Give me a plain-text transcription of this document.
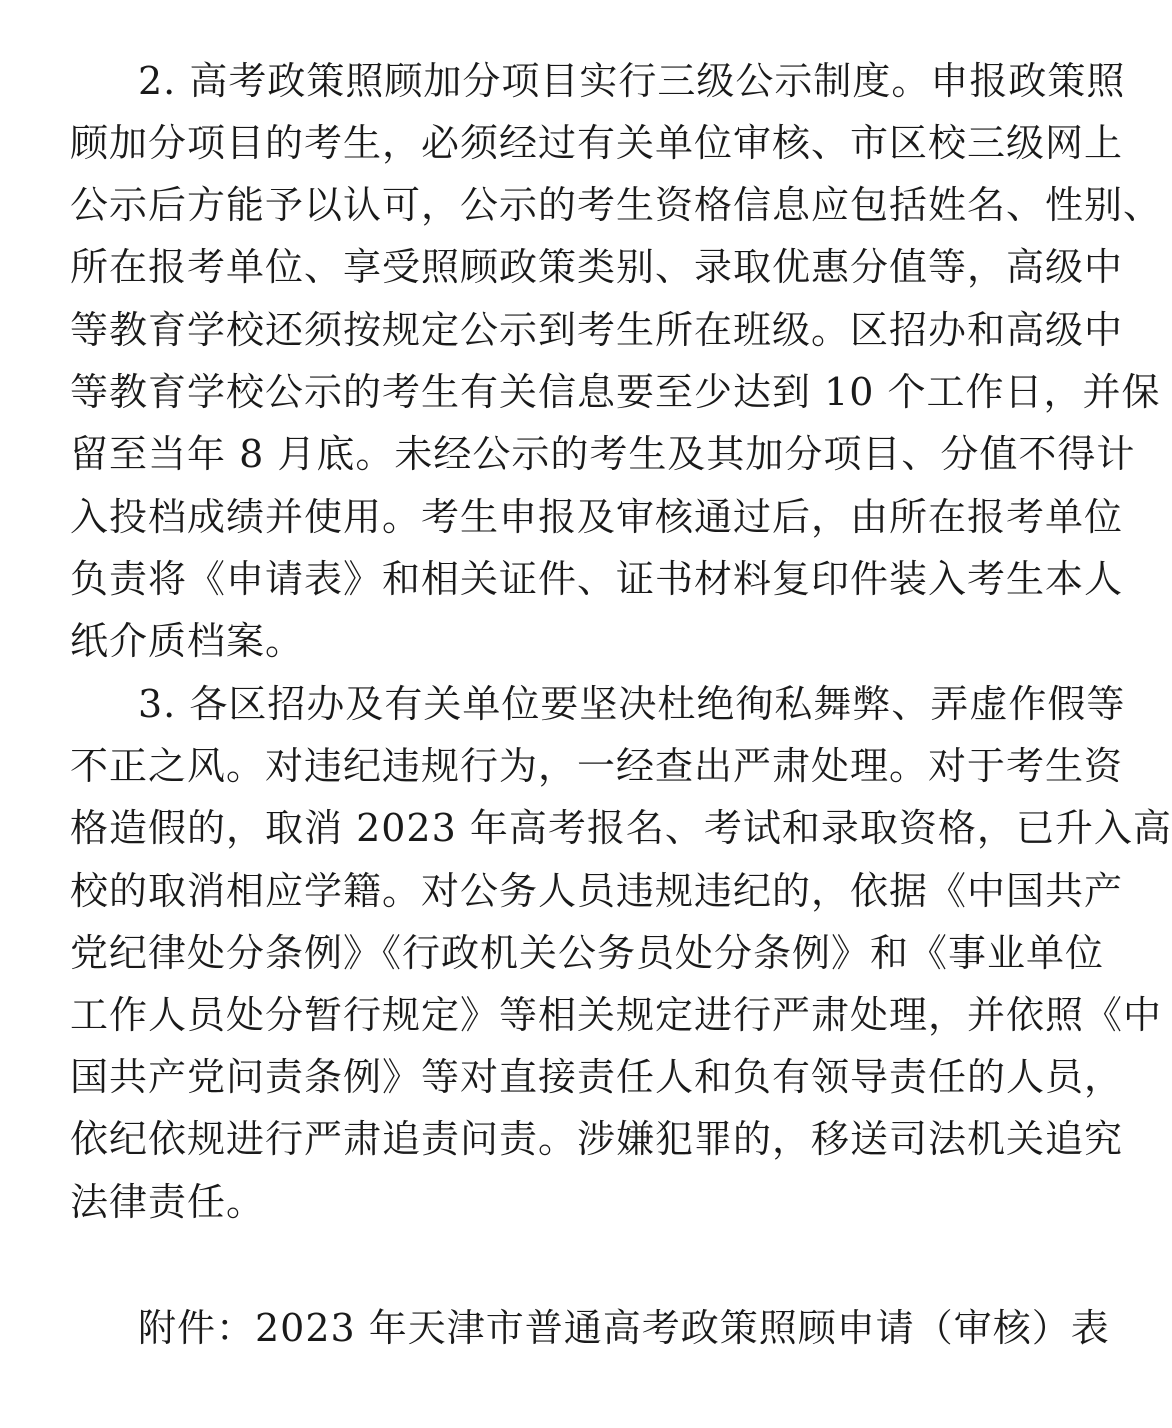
2. 高考政策照顾加分项目实行三级公示制度。申报政策照
顾加分项目的考生，必须经过有关单位审核、市区校三级网上
公示后方能予以认可，公示的考生资格信息应包括姓名、性别、
所在报考单位、享受照顾政策类别、录取优惠分值等，高级中
等教育学校还须按规定公示到考生所在班级。区招办和高级中
等教育学校公示的考生有关信息要至少达到 10 个工作日，并保
留至当年 8 月底。未经公示的考生及其加分项目、分值不得计
入投档成绩并使用。考生申报及审核通过后，由所在报考单位
负责将《申请表》和相关证件、证书材料复印件装入考生本人
纸介质档案。
3. 各区招办及有关单位要坚决杜绝徇私舞弊、弄虚作假等
不正之风。对违纪违规行为，一经查出严肃处理。对于考生资
格造假的，取消 2023 年高考报名、考试和录取资格，已升入高
校的取消相应学籍。对公务人员违规违纪的，依据《中国共产
党纪律处分条例》《行政机关公务员处分条例》和《事业单位
工作人员处分暂行规定》等相关规定进行严肃处理，并依照《中
国共产党问责条例》等对直接责任人和负有领导责任的人员，
依纪依规进行严肃追责问责。涉嫌犯罪的，移送司法机关追究
法律责任。
附件：2023 年天津市普通高考政策照顾申请（审核）表
